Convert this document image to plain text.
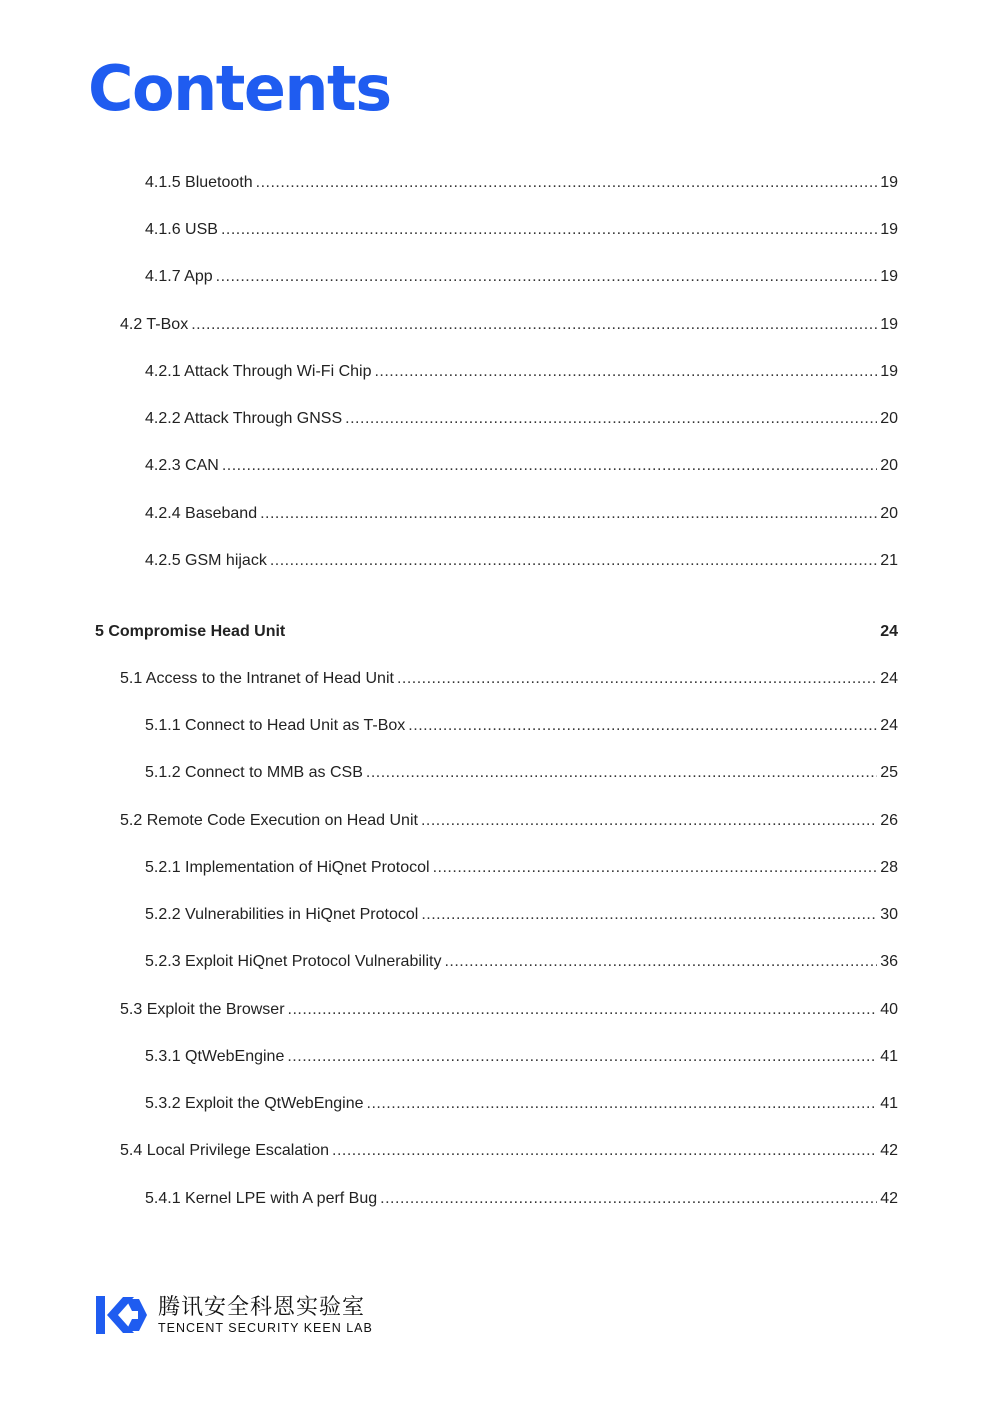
Contents
4.1.5 Bluetooth .....	19
4.1.6 USB .....	19
4.1.7 App .....	19
4.2 T-Box .....	19
4.2.1 Attack Through Wi-Fi Chip .....	19
4.2.2 Attack Through GNSS .....	20
4.2.3 CAN .....	20
4.2.4 Baseband .....	20
4.2.5 GSM hijack .....	21
5 Compromise Head Unit	24
5.1 Access to the Intranet of Head Unit .....	24
5.1.1 Connect to Head Unit as T-Box .....	24
5.1.2 Connect to MMB as CSB .....	25
5.2 Remote Code Execution on Head Unit .....	26
5.2.1 Implementation of HiQnet Protocol .....	28
5.2.2 Vulnerabilities in HiQnet Protocol .....	30
5.2.3 Exploit HiQnet Protocol Vulnerability .....	36
5.3 Exploit the Browser .....	40
5.3.1 QtWebEngine .....	41
5.3.2 Exploit the QtWebEngine .....	41
5.4 Local Privilege Escalation .....	42
5.4.1 Kernel LPE with A perf Bug .....	42
腾讯安全科恩实验室
TENCENT SECURITY KEEN LAB
